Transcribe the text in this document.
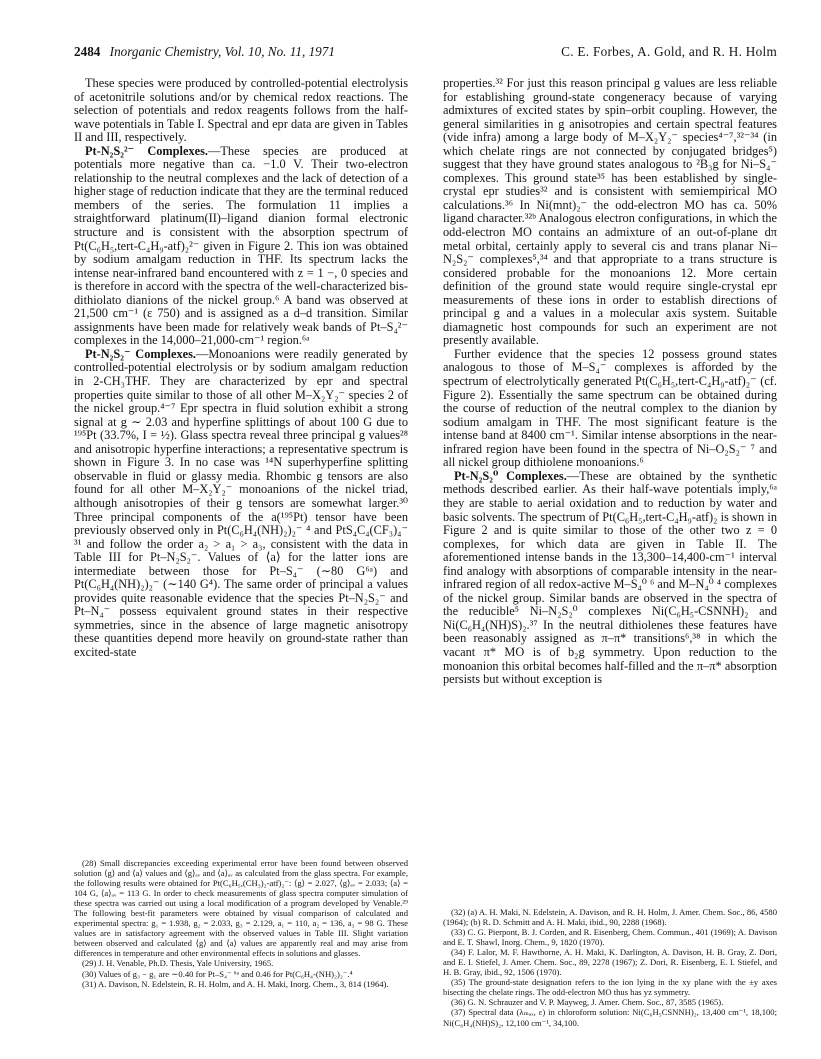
2484 Inorganic Chemistry, Vol. 10, No. 11, 1971	C. E. Forbes, A. Gold, and R. H. Holm

These species were produced by controlled-potential electrolysis of acetonitrile solutions and/or by chemical redox reactions. The selection of potentials and redox reagents follows from the half-wave potentials in Table I. Spectral and epr data are given in Tables II and III, respectively.

Pt-N₂S₂²⁻ Complexes.—These species are produced at potentials more negative than ca. −1.0 V. Their two-electron relationship to the neutral complexes and the lack of detection of a higher stage of reduction indicate that they are the terminal reduced members of the series. The formulation 11 implies a straightforward platinum(II)–ligand dianion formal electronic structure and is consistent with the absorption spectrum of Pt(C₆H₅,tert-C₄H₉-atf)₂²⁻ given in Figure 2. This ion was obtained by sodium amalgam reduction in THF. Its spectrum lacks the intense near-infrared band encountered with z = 1 −, 0 species and is therefore in accord with the spectra of the well-characterized bis-dithiolato dianions of the nickel group.⁶ A band was observed at 21,500 cm⁻¹ (ε 750) and is assigned as a d–d transition. Similar assignments have been made for relatively weak bands of Pt–S₄²⁻ complexes in the 14,000–21,000-cm⁻¹ region.⁶ᵃ

Pt-N₂S₂⁻ Complexes.—Monoanions were readily generated by controlled-potential electrolysis or by sodium amalgam reduction in 2-CH₃THF. They are characterized by epr and spectral properties quite similar to those of all other M–X₂Y₂⁻ species 2 of the nickel group.⁴⁻⁷ Epr spectra in fluid solution exhibit a strong signal at g ∼ 2.03 and hyperfine splittings of about 100 G due to ¹⁹⁵Pt (33.7%, I = ½). Glass spectra reveal three principal g values²⁸ and anisotropic hyperfine interactions; a representative spectrum is shown in Figure 3. In no case was ¹⁴N superhyperfine splitting observable in fluid or glassy media. Rhombic g tensors are also found for all other M–X₂Y₂⁻ monoanions of the nickel triad, although anisotropies of their g tensors are somewhat larger.³⁰ Three principal components of the a(¹⁹⁵Pt) tensor have been previously observed only in Pt(C₆H₄(NH)₂)₂⁻ ⁴ and PtS₄C₄(CF₃)₄⁻ ³¹ and follow the order a₂ > a₁ > a₃, consistent with the data in Table III for Pt–N₂S₂⁻. Values of ⟨a⟩ for the latter ions are intermediate between those for Pt–S₄⁻ (∼80 G⁶ᵃ) and Pt(C₆H₄(NH)₂)₂⁻ (∼140 G⁴). The same order of principal a values provides quite reasonable evidence that the species Pt–N₂S₂⁻ and Pt–N₄⁻ possess equivalent ground states in their respective symmetries, since in the absence of large magnetic anisotropy these quantities depend more heavily on ground-state rather than excited-state

properties.³² For just this reason principal g values are less reliable for establishing ground-state congeneracy because of varying admixtures of excited states by spin–orbit coupling. However, the general similarities in g anisotropies and certain spectral features (vide infra) among a large body of M–X₂Y₂⁻ species⁴⁻⁷,³²⁻³⁴ (in which chelate rings are not connected by conjugated bridges⁵) suggest that they have ground states analogous to ²B₃g for Ni–S₄⁻ complexes. This ground state³⁵ has been established by single-crystal epr studies³² and is consistent with semiempirical MO calculations.³⁶ In Ni(mnt)₂⁻ the odd-electron MO has ca. 50% ligand character.³²ᵇ Analogous electron configurations, in which the odd-electron MO contains an admixture of an out-of-plane dπ metal orbital, certainly apply to several cis and trans planar Ni–N₂S₂⁻ complexes⁵,³⁴ and that appropriate to a trans structure is considered probable for the monoanions 12. More certain definition of the ground state would require single-crystal epr measurements of these ions in order to establish directions of principal g and a values in a molecular axis system. Suitable diamagnetic host compounds for such an experiment are not presently available.

Further evidence that the species 12 possess ground states analogous to those of M–S₄⁻ complexes is afforded by the spectrum of electrolytically generated Pt(C₆H₅,tert-C₄H₉-atf)₂⁻ (cf. Figure 2). Essentially the same spectrum can be obtained during the course of reduction of the neutral complex to the dianion by sodium amalgam in THF. The most significant feature is the intense band at 8400 cm⁻¹. Similar intense absorptions in the near-infrared region have been found in the spectra of Ni–O₂S₂⁻ ⁷ and all nickel group dithiolene monoanions.⁶

Pt-N₂S₂⁰ Complexes.—These are obtained by the synthetic methods described earlier. As their half-wave potentials imply,⁶ᵃ they are stable to aerial oxidation and to reduction by water and basic solvents. The spectrum of Pt(C₆H₅,tert-C₄H₉-atf)₂ is shown in Figure 2 and is quite similar to those of the other two z = 0 complexes, for which data are given in Table II. The aforementioned intense bands in the 13,300–14,400-cm⁻¹ interval find analogy with absorptions of comparable intensity in the near-infrared region of all redox-active M–S₄⁰ ⁶ and M–N₄⁰ ⁴ complexes of the nickel group. Similar bands are observed in the spectra of the reducible⁵ Ni–N₂S₂⁰ complexes Ni(C₆H₅-CSNNH)₂ and Ni(C₆H₄(NH)S)₂.³⁷ In the neutral dithiolenes these features have been reasonably assigned as π–π* transitions⁶,³⁸ in which the vacant π* MO is of b₂g symmetry. Upon reduction to the monoanion this orbital becomes half-filled and the π–π* absorption persists but without exception is

(28) Small discrepancies exceeding experimental error have been found between observed solution ⟨g⟩ and ⟨a⟩ values and ⟨g⟩ₐᵥ and ⟨a⟩ₐᵥ as calculated from the glass spectra. For example, the following results were obtained for Pt(C₆H₅,(CH₃)₂-atf)₂⁻: ⟨g⟩ = 2.027, ⟨g⟩ₐᵥ = 2.033; ⟨a⟩ = 104 G, ⟨a⟩ₐᵥ = 113 G. In order to check measurements of glass spectra computer simulation of these spectra was carried out using a local modification of a program developed by Venable.²⁹ The following best-fit parameters were obtained by visual comparison of calculated and experimental spectra: g₁ = 1.938, g₂ = 2.033, g₃ = 2.129, a₁ = 110, a₂ = 136, a₃ = 98 G. These values are in satisfactory agreement with the observed values in Table III. Slight variation between observed and calculated ⟨g⟩ and ⟨a⟩ values are apparently real and may arise from differences in temperature and other environmental effects in solutions and glasses.

(29) J. H. Venable, Ph.D. Thesis, Yale University, 1965.

(30) Values of g₃ − g₁ are ∼0.40 for Pt–S₄⁻ ⁶ᵃ and 0.46 for Pt(C₆H₄-(NH)₂)₂⁻.⁴

(31) A. Davison, N. Edelstein, R. H. Holm, and A. H. Maki, Inorg. Chem., 3, 814 (1964).

(32) (a) A. H. Maki, N. Edelstein, A. Davison, and R. H. Holm, J. Amer. Chem. Soc., 86, 4580 (1964); (b) R. D. Schmitt and A. H. Maki, ibid., 90, 2288 (1968).

(33) C. G. Pierpont, B. J. Corden, and R. Eisenberg, Chem. Commun., 401 (1969); A. Davison and E. T. Shawl, Inorg. Chem., 9, 1820 (1970).

(34) F. Lalor, M. F. Hawthorne, A. H. Maki, K. Darlington, A. Davison, H. B. Gray, Z. Dori, and E. I. Stiefel, J. Amer. Chem. Soc., 89, 2278 (1967); Z. Dori, R. Eisenberg, E. I. Stiefel, and H. B. Gray, ibid., 92, 1506 (1970).

(35) The ground-state designation refers to the ion lying in the xy plane with the ±y axes bisecting the chelate rings. The odd-electron MO thus has yz symmetry.

(36) G. N. Schrauzer and V. P. Mayweg, J. Amer. Chem. Soc., 87, 3585 (1965).

(37) Spectral data (λₘₐₓ, ε) in chloroform solution: Ni(C₆H₅CSNNH)₂, 13,400 cm⁻¹, 18,100; Ni(C₆H₄(NH)S)₂, 12,100 cm⁻¹, 34,100.
